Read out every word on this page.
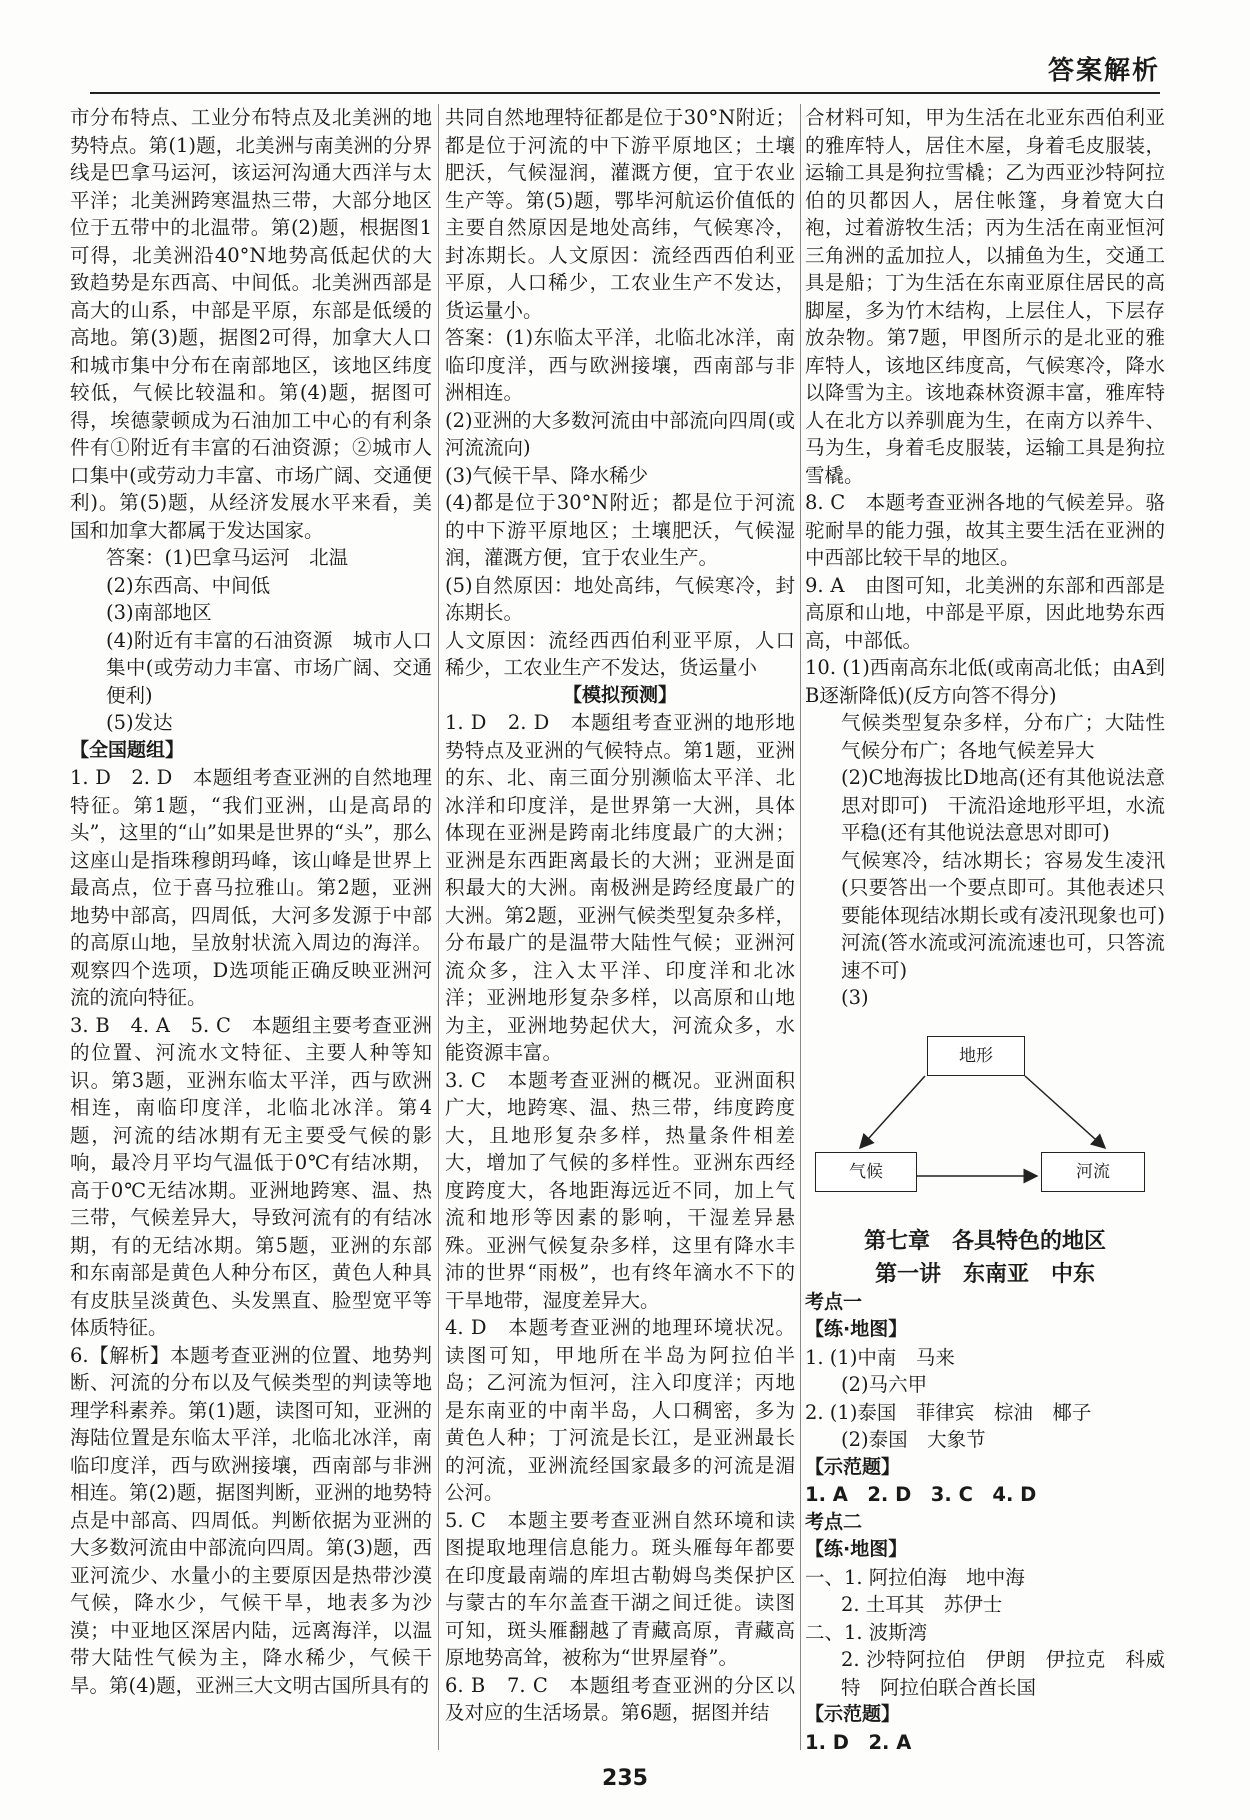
答案解析

市分布特点、工业分布特点及北美洲的地势特点。第(1)题，北美洲与南美洲的分界线是巴拿马运河，该运河沟通大西洋与太平洋；北美洲跨寒温热三带，大部分地区位于五带中的北温带。第(2)题，根据图1可得，北美洲沿40°N地势高低起伏的大致趋势是东西高、中间低。北美洲西部是高大的山系，中部是平原，东部是低缓的高地。第(3)题，据图2可得，加拿大人口和城市集中分布在南部地区，该地区纬度较低，气候比较温和。第(4)题，据图可得，埃德蒙顿成为石油加工中心的有利条件有①附近有丰富的石油资源；②城市人口集中(或劳动力丰富、市场广阔、交通便利)。第(5)题，从经济发展水平来看，美国和加拿大都属于发达国家。

答案：(1)巴拿马运河　北温

(2)东西高、中间低

(3)南部地区

(4)附近有丰富的石油资源　城市人口集中(或劳动力丰富、市场广阔、交通便利)

(5)发达

【全国题组】

1. D　2. D　本题组考查亚洲的自然地理特征。第1题，“我们亚洲，山是高昂的头”，这里的“山”如果是世界的“头”，那么这座山是指珠穆朗玛峰，该山峰是世界上最高点，位于喜马拉雅山。第2题，亚洲地势中部高，四周低，大河多发源于中部的高原山地，呈放射状流入周边的海洋。观察四个选项，D选项能正确反映亚洲河流的流向特征。

3. B　4. A　5. C　本题组主要考查亚洲的位置、河流水文特征、主要人种等知识。第3题，亚洲东临太平洋，西与欧洲相连，南临印度洋，北临北冰洋。第4题，河流的结冰期有无主要受气候的影响，最冷月平均气温低于0℃有结冰期，高于0℃无结冰期。亚洲地跨寒、温、热三带，气候差异大，导致河流有的有结冰期，有的无结冰期。第5题，亚洲的东部和东南部是黄色人种分布区，黄色人种具有皮肤呈淡黄色、头发黑直、脸型宽平等体质特征。

6.【解析】本题考查亚洲的位置、地势判断、河流的分布以及气候类型的判读等地理学科素养。第(1)题，读图可知，亚洲的海陆位置是东临太平洋，北临北冰洋，南临印度洋，西与欧洲接壤，西南部与非洲相连。第(2)题，据图判断，亚洲的地势特点是中部高、四周低。判断依据为亚洲的大多数河流由中部流向四周。第(3)题，西亚河流少、水量小的主要原因是热带沙漠气候，降水少，气候干旱，地表多为沙漠；中亚地区深居内陆，远离海洋，以温带大陆性气候为主，降水稀少，气候干旱。第(4)题，亚洲三大文明古国所具有的

共同自然地理特征都是位于30°N附近；都是位于河流的中下游平原地区；土壤肥沃，气候湿润，灌溉方便，宜于农业生产等。第(5)题，鄂毕河航运价值低的主要自然原因是地处高纬，气候寒冷，封冻期长。人文原因：流经西西伯利亚平原，人口稀少，工农业生产不发达，货运量小。

答案：(1)东临太平洋，北临北冰洋，南临印度洋，西与欧洲接壤，西南部与非洲相连。

(2)亚洲的大多数河流由中部流向四周(或河流流向)

(3)气候干旱、降水稀少

(4)都是位于30°N附近；都是位于河流的中下游平原地区；土壤肥沃，气候湿润，灌溉方便，宜于农业生产。

(5)自然原因：地处高纬，气候寒冷，封冻期长。

人文原因：流经西西伯利亚平原，人口稀少，工农业生产不发达，货运量小

【模拟预测】

1. D　2. D　本题组考查亚洲的地形地势特点及亚洲的气候特点。第1题，亚洲的东、北、南三面分别濒临太平洋、北冰洋和印度洋，是世界第一大洲，具体体现在亚洲是跨南北纬度最广的大洲；亚洲是东西距离最长的大洲；亚洲是面积最大的大洲。南极洲是跨经度最广的大洲。第2题，亚洲气候类型复杂多样，分布最广的是温带大陆性气候；亚洲河流众多，注入太平洋、印度洋和北冰洋；亚洲地形复杂多样，以高原和山地为主，亚洲地势起伏大，河流众多，水能资源丰富。

3. C　本题考查亚洲的概况。亚洲面积广大，地跨寒、温、热三带，纬度跨度大，且地形复杂多样，热量条件相差大，增加了气候的多样性。亚洲东西经度跨度大，各地距海远近不同，加上气流和地形等因素的影响，干湿差异悬殊。亚洲气候复杂多样，这里有降水丰沛的世界“雨极”，也有终年滴水不下的干旱地带，湿度差异大。

4. D　本题考查亚洲的地理环境状况。读图可知，甲地所在半岛为阿拉伯半岛；乙河流为恒河，注入印度洋；丙地是东南亚的中南半岛，人口稠密，多为黄色人种；丁河流是长江，是亚洲最长的河流，亚洲流经国家最多的河流是湄公河。

5. C　本题主要考查亚洲自然环境和读图提取地理信息能力。斑头雁每年都要在印度最南端的库坦古勒姆鸟类保护区与蒙古的车尔盖查干湖之间迁徙。读图可知，斑头雁翻越了青藏高原，青藏高原地势高耸，被称为“世界屋脊”。

6. B　7. C　本题组考查亚洲的分区以及对应的生活场景。第6题，据图并结

合材料可知，甲为生活在北亚东西伯利亚的雅库特人，居住木屋，身着毛皮服装，运输工具是狗拉雪橇；乙为西亚沙特阿拉伯的贝都因人，居住帐篷，身着宽大白袍，过着游牧生活；丙为生活在南亚恒河三角洲的孟加拉人，以捕鱼为生，交通工具是船；丁为生活在东南亚原住居民的高脚屋，多为竹木结构，上层住人，下层存放杂物。第7题，甲图所示的是北亚的雅库特人，该地区纬度高，气候寒冷，降水以降雪为主。该地森林资源丰富，雅库特人在北方以养驯鹿为生，在南方以养牛、马为生，身着毛皮服装，运输工具是狗拉雪橇。

8. C　本题考查亚洲各地的气候差异。骆驼耐旱的能力强，故其主要生活在亚洲的中西部比较干旱的地区。

9. A　由图可知，北美洲的东部和西部是高原和山地，中部是平原，因此地势东西高，中部低。

10. (1)西南高东北低(或南高北低；由A到B逐渐降低)(反方向答不得分)

气候类型复杂多样，分布广；大陆性气候分布广；各地气候差异大

(2)C地海拔比D地高(还有其他说法意思对即可)　干流沿途地形平坦，水流平稳(还有其他说法意思对即可)

气候寒冷，结冰期长；容易发生凌汛(只要答出一个要点即可。其他表述只要能体现结冰期长或有凌汛现象也可)　河流(答水流或河流流速也可，只答流速不可)

(3)

地形
气候	河流

第七章　各具特色的地区

第一讲　东南亚　中东

考点一

【练·地图】

1. (1)中南　马来

(2)马六甲

2. (1)泰国　菲律宾　棕油　椰子

(2)泰国　大象节

【示范题】

1. A　2. D　3. C　4. D

考点二

【练·地图】

一、1. 阿拉伯海　地中海

2. 土耳其　苏伊士

二、1. 波斯湾

2. 沙特阿拉伯　伊朗　伊拉克　科威特　阿拉伯联合酋长国

【示范题】

1. D　2. A

235
